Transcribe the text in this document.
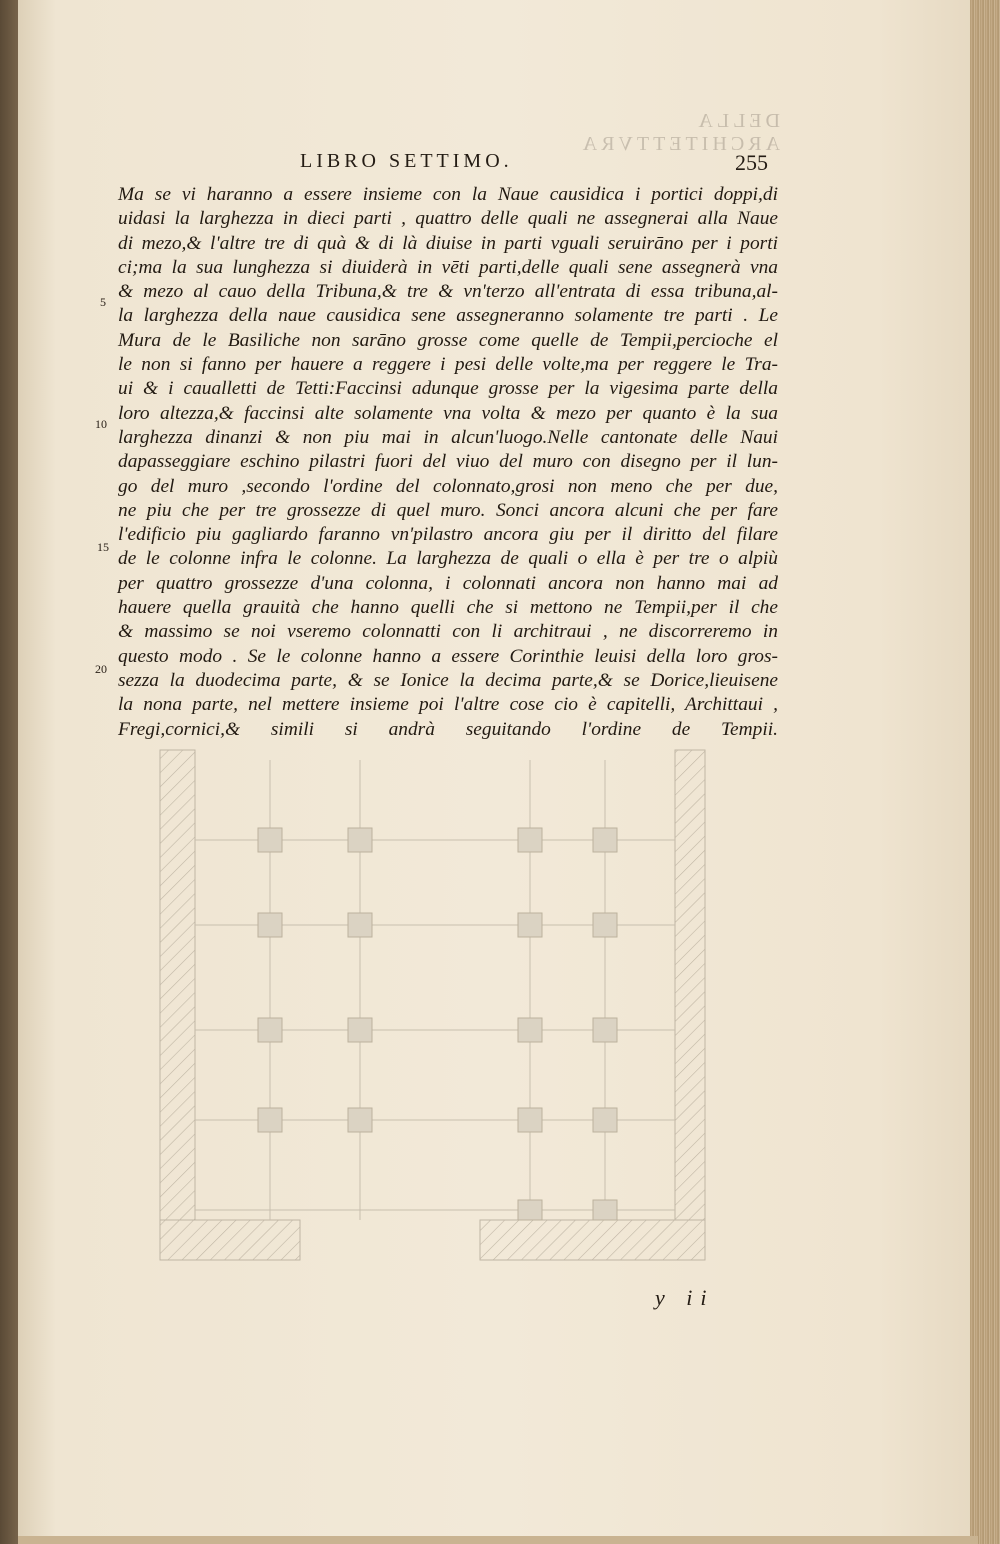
DELLA ARCHITETTVRA
LIBRO SETTIMO.	255
Ma se vi haranno a essere insieme con la Naue causidica i portici doppi,di
uidasi la larghezza in dieci parti , quattro delle quali ne assegnerai alla Naue
di mezo,& l'altre tre di quà & di là diuise in parti vguali seruirāno per i porti
ci;ma la sua lunghezza si diuiderà in vēti parti,delle quali sene assegnerà vna
& mezo al cauo della Tribuna,& tre & vn'terzo all'entrata di essa tribuna,al-
la larghezza della naue causidica sene assegneranno solamente tre parti . Le
Mura de le Basiliche non sarāno grosse come quelle de Tempii,percioche el
le non si fanno per hauere a reggere i pesi delle volte,ma per reggere le Tra-
ui & i caualletti de Tetti:Faccinsi adunque grosse per la vigesima parte della
loro altezza,& faccinsi alte solamente vna volta & mezo per quanto è la sua
larghezza dinanzi & non piu mai in alcun'luogo.Nelle cantonate delle Naui
dapasseggiare eschino pilastri fuori del viuo del muro con disegno per il lun-
go del muro ,secondo l'ordine del colonnato,grosi non meno che per due,
ne piu che per tre grossezze di quel muro. Sonci ancora alcuni che per fare
l'edificio piu gagliardo faranno vn'pilastro ancora giu per il diritto del filare
de le colonne infra le colonne. La larghezza de quali o ella è per tre o alpiù
per quattro grossezze d'una colonna, i colonnati ancora non hanno mai ad
hauere quella grauità che hanno quelli che si mettono ne Tempii,per il che
& massimo se noi vseremo colonnatti con li architraui , ne discorreremo in
questo modo . Se le colonne hanno a essere Corinthie leuisi della loro gros-
sezza la duodecima parte, & se Ionice la decima parte,& se Dorice,lieuisene
la nona parte, nel mettere insieme poi l'altre cose cio è capitelli, Archittaui ,
Fregi,cornici,& simili si andrà seguitando l'ordine de Tempii.
5
10
15
20
y ii
